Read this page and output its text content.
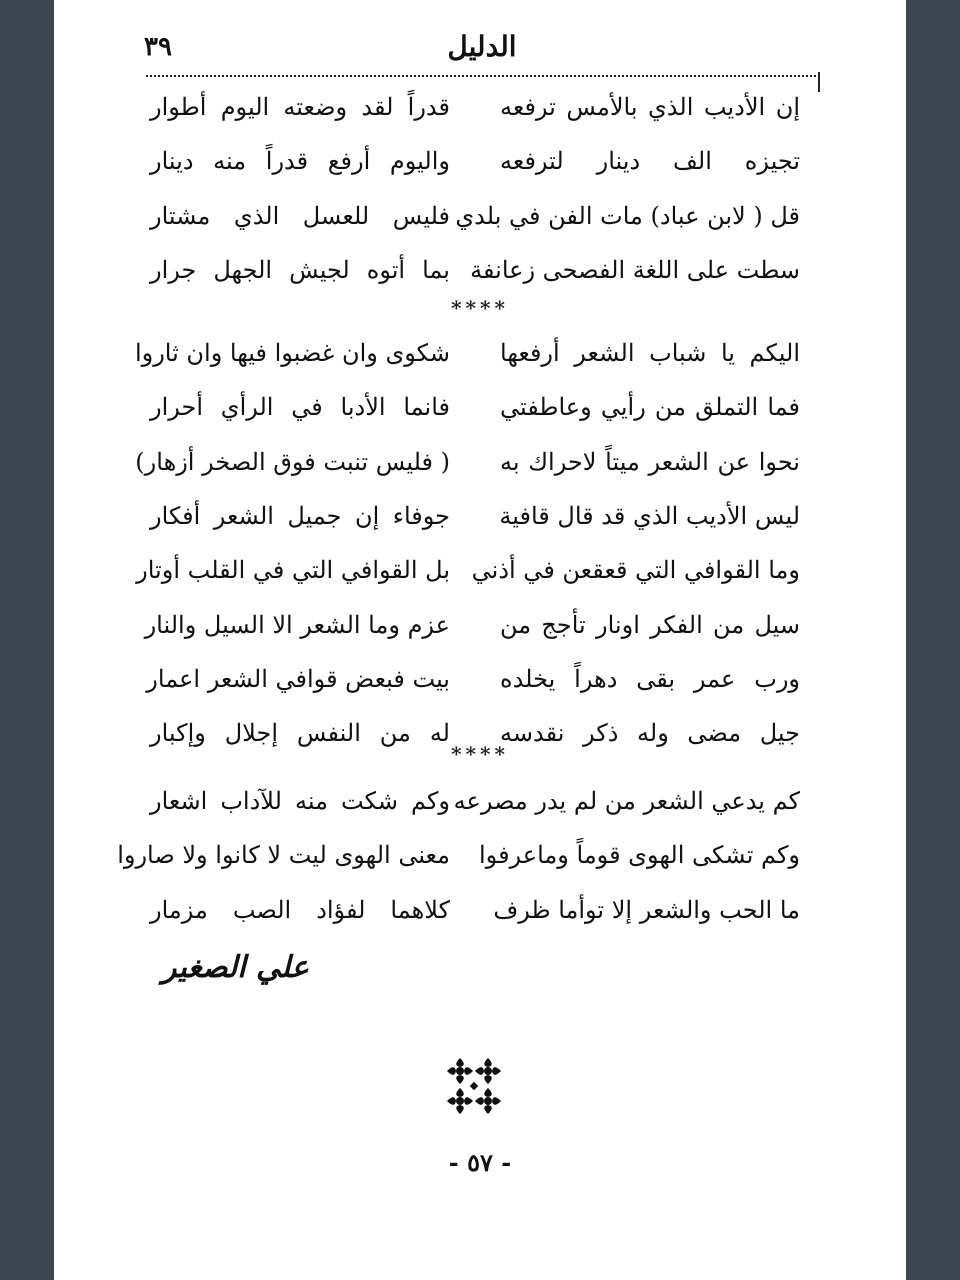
٣٩	الدليل
إن الأديب الذي بالأمس ترفعه
قدراً لقد وضعته اليوم أطوار
تجيزه الف دينار لترفعه
واليوم أرفع قدراً منه دينار
قل ( لابن عباد) مات الفن في بلدي
فليس للعسل الذي مشتار
سطت على اللغة الفصحى زعانفة
بما أتوه لجيش الجهل جرار
****
اليكم يا شباب الشعر أرفعها
شكوى وان غضبوا فيها وان ثاروا
فما التملق من رأيي وعاطفتي
فانما الأدبا في الرأي أحرار
نحوا عن الشعر ميتاً لاحراك به
( فليس تنبت فوق الصخر أزهار)
ليس الأديب الذي قد قال قافية
جوفاء إن جميل الشعر أفكار
وما القوافي التي قعقعن في أذني
بل القوافي التي في القلب أوتار
سيل من الفكر اونار تأجج من
عزم وما الشعر الا السيل والنار
ورب عمر بقى دهراً يخلده
بيت فبعض قوافي الشعر اعمار
جيل مضى وله ذكر نقدسه
له من النفس إجلال وإكبار
****
كم يدعي الشعر من لم يدر مصرعه
وكم شكت منه للآداب اشعار
وكم تشكى الهوى قوماً وماعرفوا
معنى الهوى ليت لا كانوا ولا صاروا
ما الحب والشعر إلا توأما ظرف
كلاهما لفؤاد الصب مزمار
علي الصغير
- ٥٧ -
